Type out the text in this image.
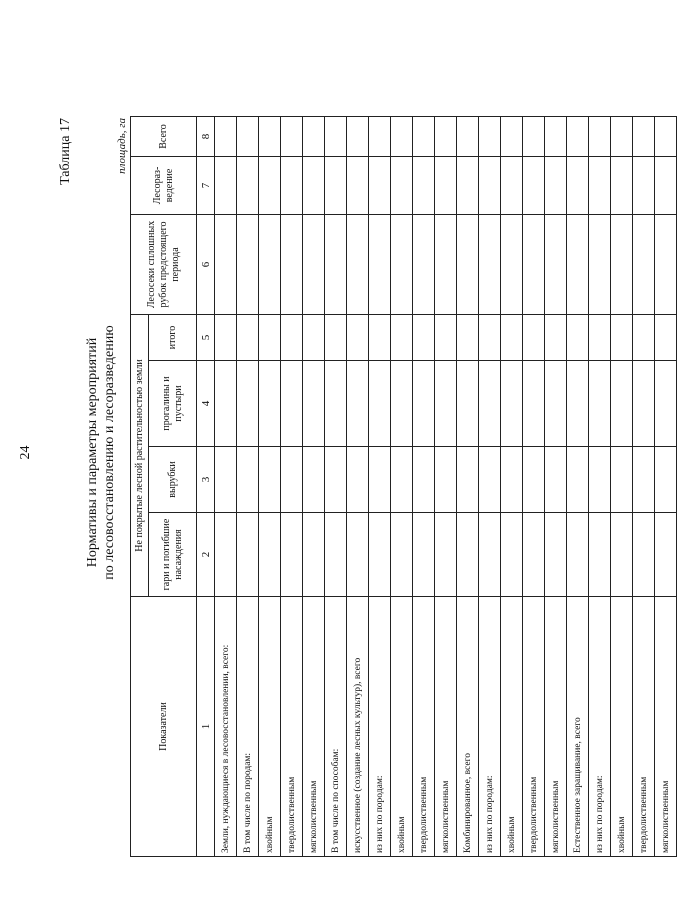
24
Таблица 17
Нормативы и параметры мероприятий по лесовосстановлению и лесоразведению
площадь, га
Показатели	Не покрытые лесной растительностью земли				Лесосеки сплошных рубок предстоящего периода	Лесораз-ведение	Всего
	гари и погибшие насаждения	вырубки	прогалины и пустыри	итого			
1	2	3	4	5	6	7	8
Земли, нуждающиеся в лесовосстановлении, всего:							
В том числе по породам:							
хвойным							
твердолиственным							
мягколиственным							
В том числе по способам:							
искусственное (создание лесных культур), всего							
из них по породам:							
хвойным							
твердолиственным							
мягколиственным							
Комбинированное, всего							
из них по породам:							
хвойным							
твердолиственным							
мягколиственным							
Естественное заращивание, всего							
из них по породам:							
хвойным							
твердолиственным							
мягколиственным							
